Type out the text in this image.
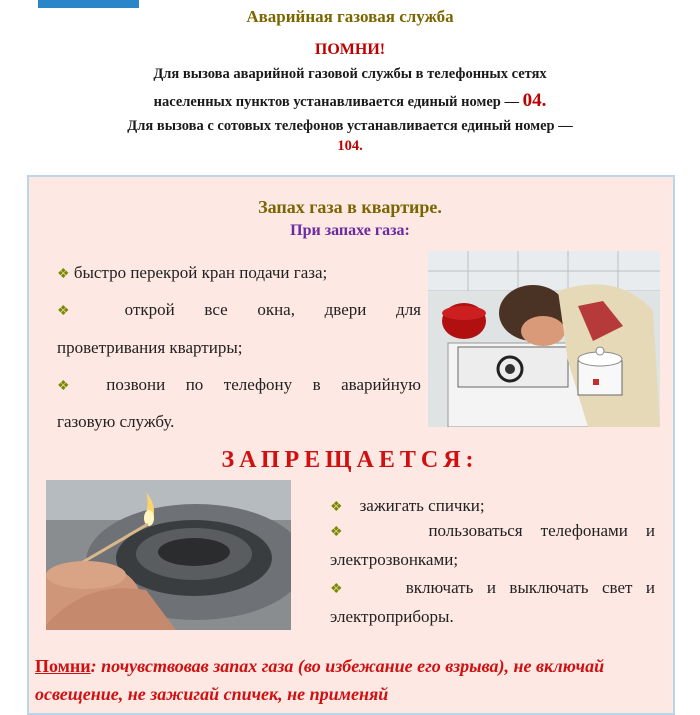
Аварийная газовая служба
ПОМНИ!
Для вызова аварийной газовой службы в телефонных сетях
населенных пунктов устанавливается единый номер — 04.
Для вызова с сотовых телефонов устанавливается единый номер —
104.
Запах газа в квартире.
При запахе газа:
❖ быстро перекрой кран подачи газа;
❖ открой все окна, двери для
проветривания квартиры;
❖ позвони по телефону в аварийную
газовую службу.
ЗАПРЕЩАЕТСЯ:
❖ зажигать спички;
❖	пользоваться телефонами и
электрозвонками;
❖	включать и выключать свет и
электроприборы.
Помни: почувствовав запах газа (во избежание его взрыва), не включай освещение, не зажигай спичек, не применяй
